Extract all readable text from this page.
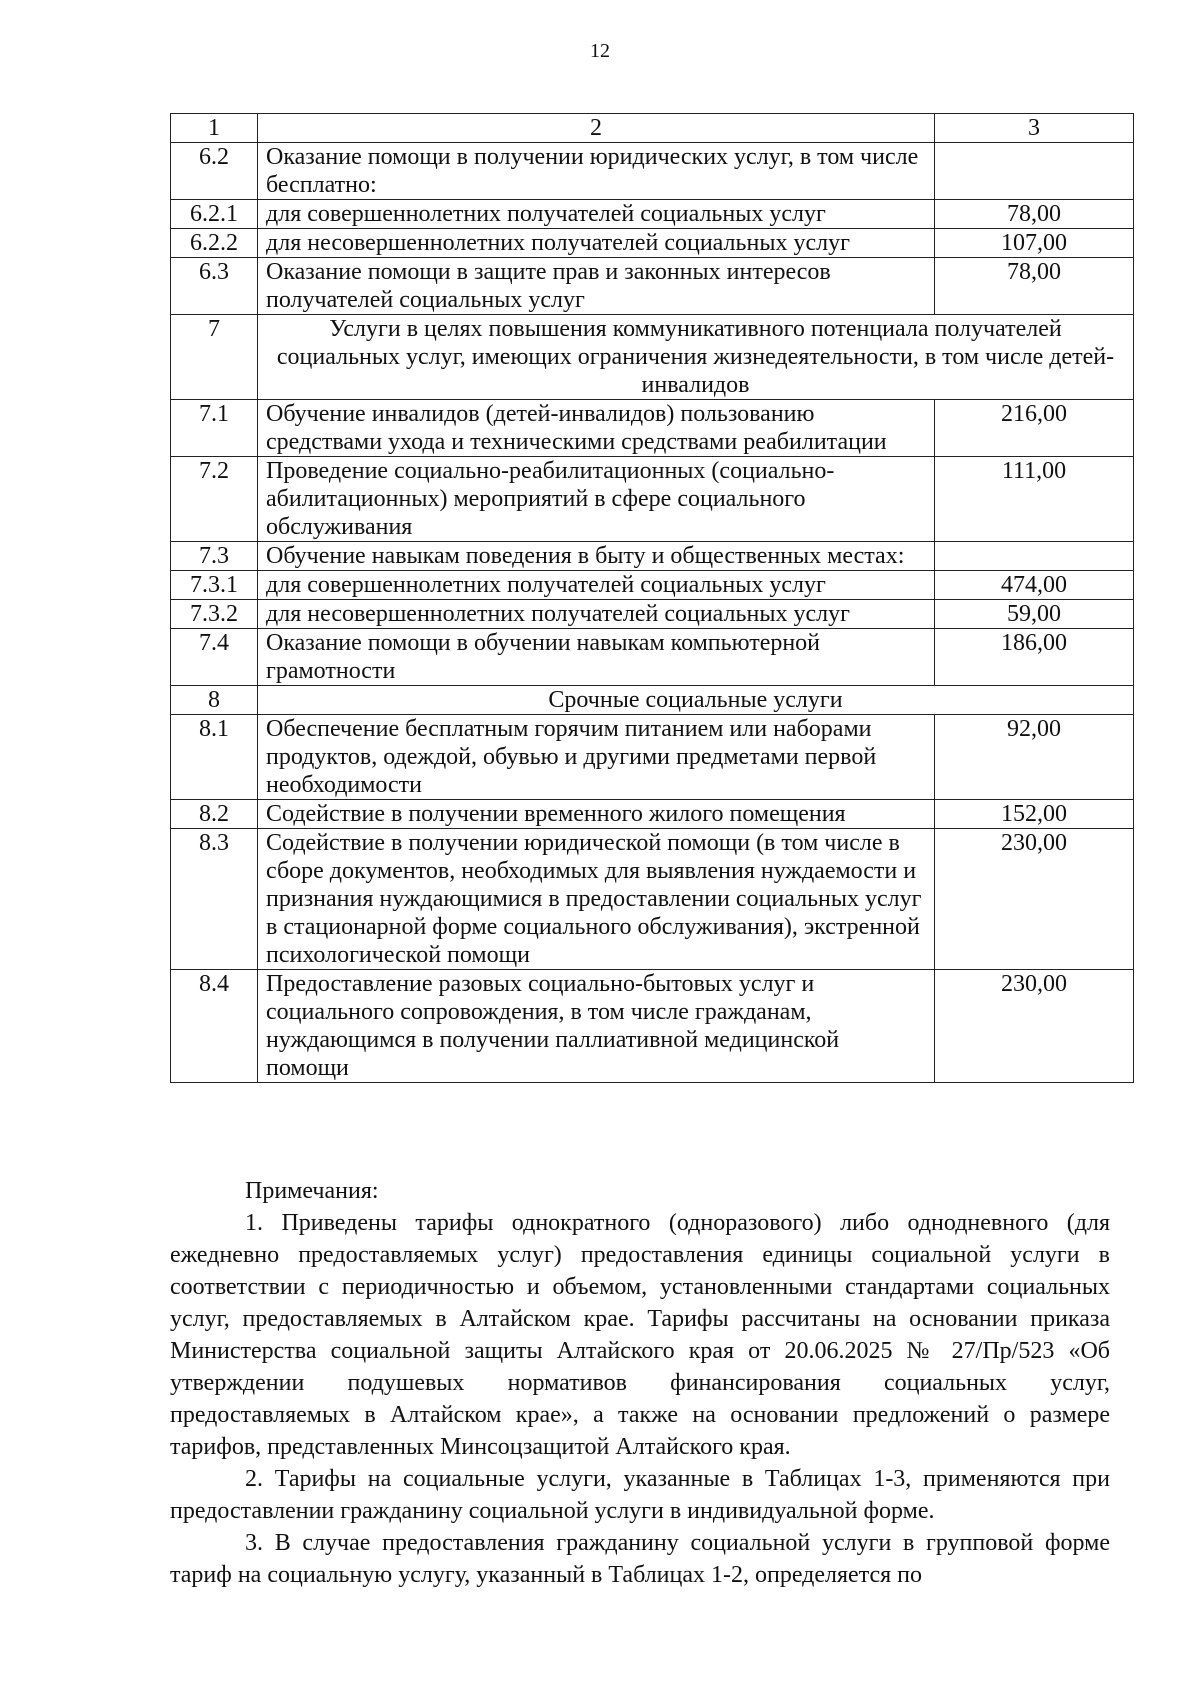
12
1	2	3
6.2	Оказание помощи в получении юридических услуг, в том числе бесплатно:	
6.2.1	для совершеннолетних получателей социальных услуг	78,00
6.2.2	для несовершеннолетних получателей социальных услуг	107,00
6.3	Оказание помощи в защите прав и законных интересов получателей социальных услуг	78,00
7	Услуги в целях повышения коммуникативного потенциала получателей социальных услуг, имеющих ограничения жизнедеятельности, в том числе детей-инвалидов	
7.1	Обучение инвалидов (детей-инвалидов) пользованию средствами ухода и техническими средствами реабилитации	216,00
7.2	Проведение социально-реабилитационных (социально-абилитационных) мероприятий в сфере социального обслуживания	111,00
7.3	Обучение навыкам поведения в быту и общественных местах:	
7.3.1	для совершеннолетних получателей социальных услуг	474,00
7.3.2	для несовершеннолетних получателей социальных услуг	59,00
7.4	Оказание помощи в обучении навыкам компьютерной грамотности	186,00
8	Срочные социальные услуги	
8.1	Обеспечение бесплатным горячим питанием или наборами продуктов, одеждой, обувью и другими предметами первой необходимости	92,00
8.2	Содействие в получении временного жилого помещения	152,00
8.3	Содействие в получении юридической помощи (в том числе в сборе документов, необходимых для выявления нуждаемости и признания нуждающимися в предоставлении социальных услуг в стационарной форме социального обслуживания), экстренной психологической помощи	230,00
8.4	Предоставление разовых социально-бытовых услуг и социального сопровождения, в том числе гражданам, нуждающимся в получении паллиативной медицинской помощи	230,00

Примечания:

1. Приведены тарифы однократного (одноразового) либо однодневного (для ежедневно предоставляемых услуг) предоставления единицы социальной услуги в соответствии с периодичностью и объемом, установленными стандартами социальных услуг, предоставляемых в Алтайском крае. Тарифы рассчитаны на основании приказа Министерства социальной защиты Алтайского края от 20.06.2025 № 27/Пр/523 «Об утверждении подушевых нормативов финансирования социальных услуг, предоставляемых в Алтайском крае», а также на основании предложений о размере тарифов, представленных Минсоцзащитой Алтайского края.

2. Тарифы на социальные услуги, указанные в Таблицах 1-3, применяются при предоставлении гражданину социальной услуги в индивидуальной форме.

3. В случае предоставления гражданину социальной услуги в групповой форме тариф на социальную услугу, указанный в Таблицах 1-2, определяется по
